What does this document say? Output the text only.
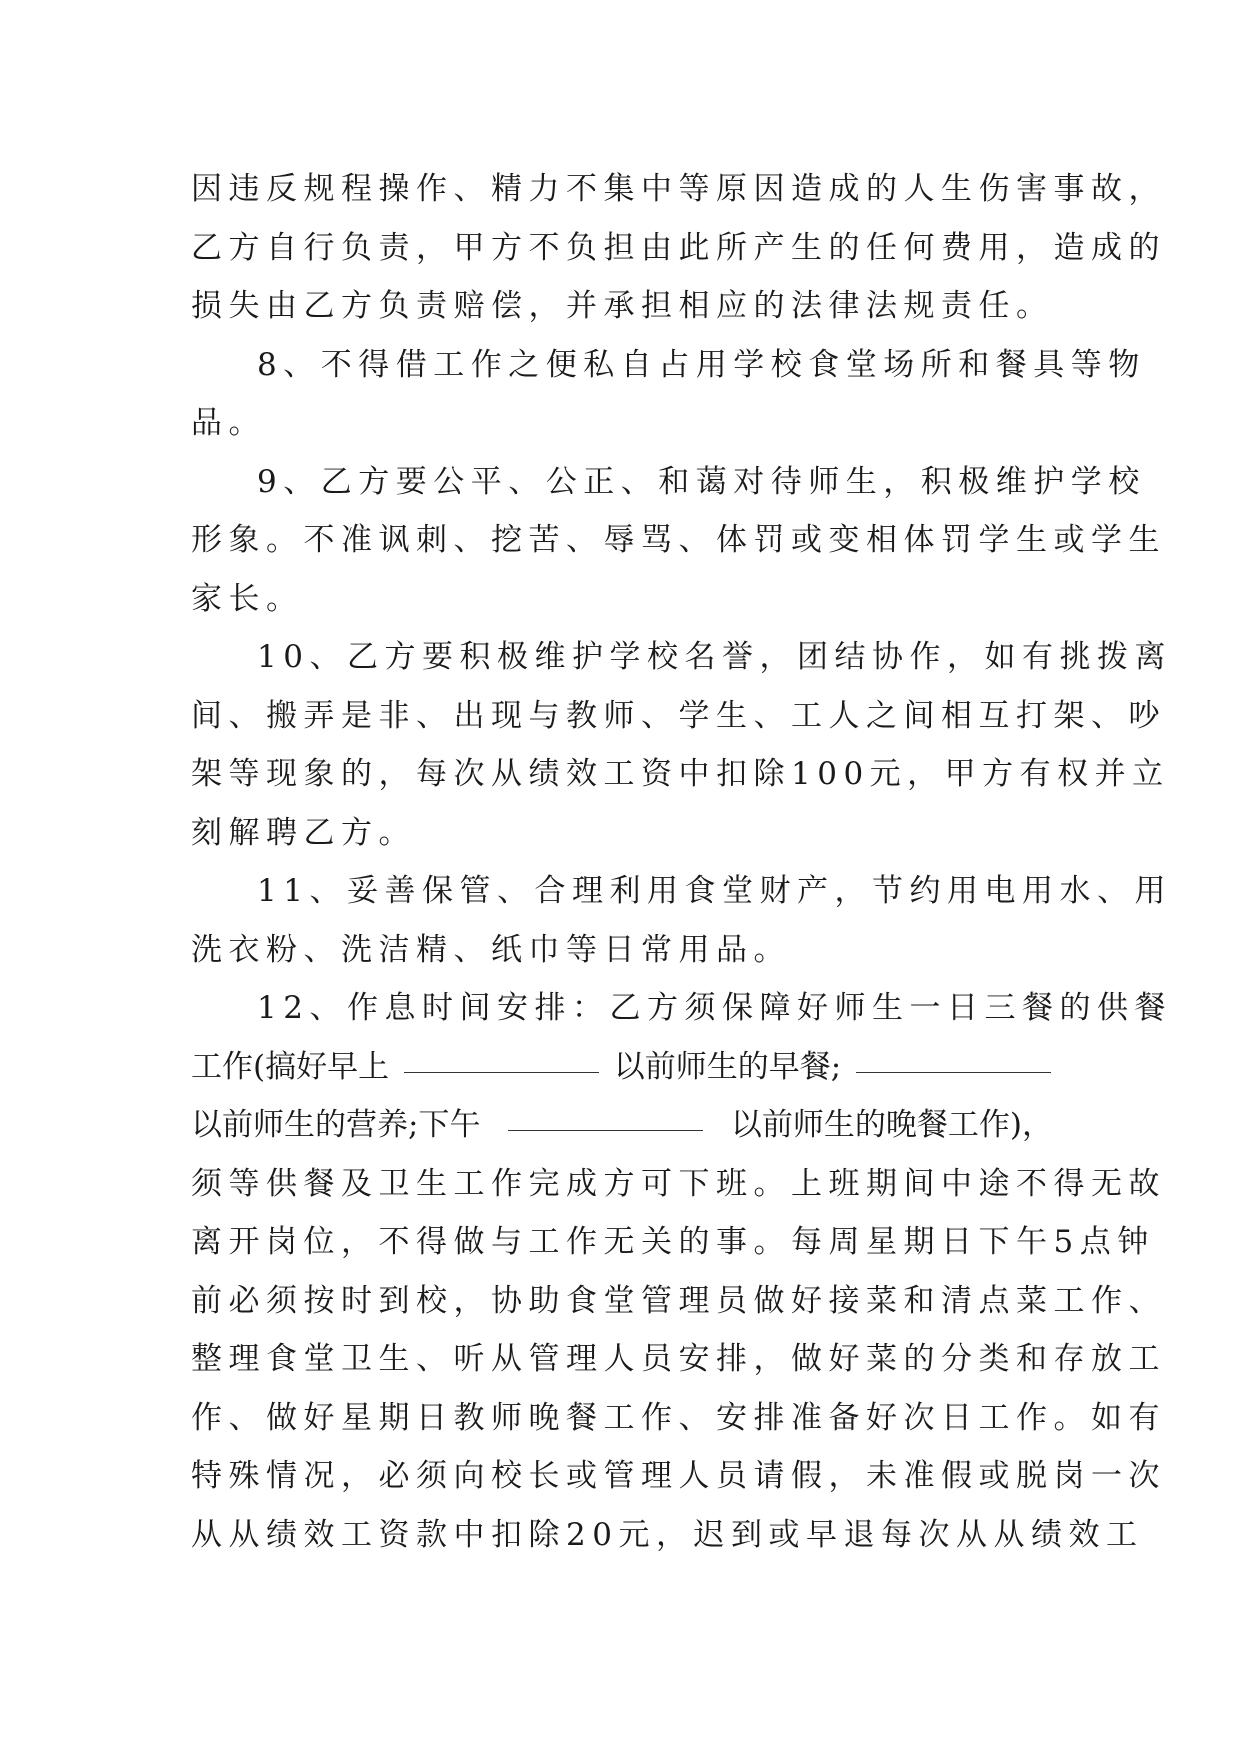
因违反规程操作、精力不集中等原因造成的人生伤害事故，
乙方自行负责，甲方不负担由此所产生的任何费用，造成的
损失由乙方负责赔偿，并承担相应的法律法规责任。
8、不得借工作之便私自占用学校食堂场所和餐具等物
品。
9、乙方要公平、公正、和蔼对待师生，积极维护学校
形象。不准讽刺、挖苦、辱骂、体罚或变相体罚学生或学生
家长。
10、乙方要积极维护学校名誉，团结协作，如有挑拨离
间、搬弄是非、出现与教师、学生、工人之间相互打架、吵
架等现象的，每次从绩效工资中扣除100元，甲方有权并立
刻解聘乙方。
11、妥善保管、合理利用食堂财产，节约用电用水、用
洗衣粉、洗洁精、纸巾等日常用品。
12、作息时间安排：乙方须保障好师生一日三餐的供餐
工作(搞好早上	以前师生的早餐;
以前师生的营养;下午	以前师生的晚餐工作)，
须等供餐及卫生工作完成方可下班。上班期间中途不得无故
离开岗位，不得做与工作无关的事。每周星期日下午5点钟
前必须按时到校，协助食堂管理员做好接菜和清点菜工作、
整理食堂卫生、听从管理人员安排，做好菜的分类和存放工
作、做好星期日教师晚餐工作、安排准备好次日工作。如有
特殊情况，必须向校长或管理人员请假，未准假或脱岗一次
从从绩效工资款中扣除20元，迟到或早退每次从从绩效工
